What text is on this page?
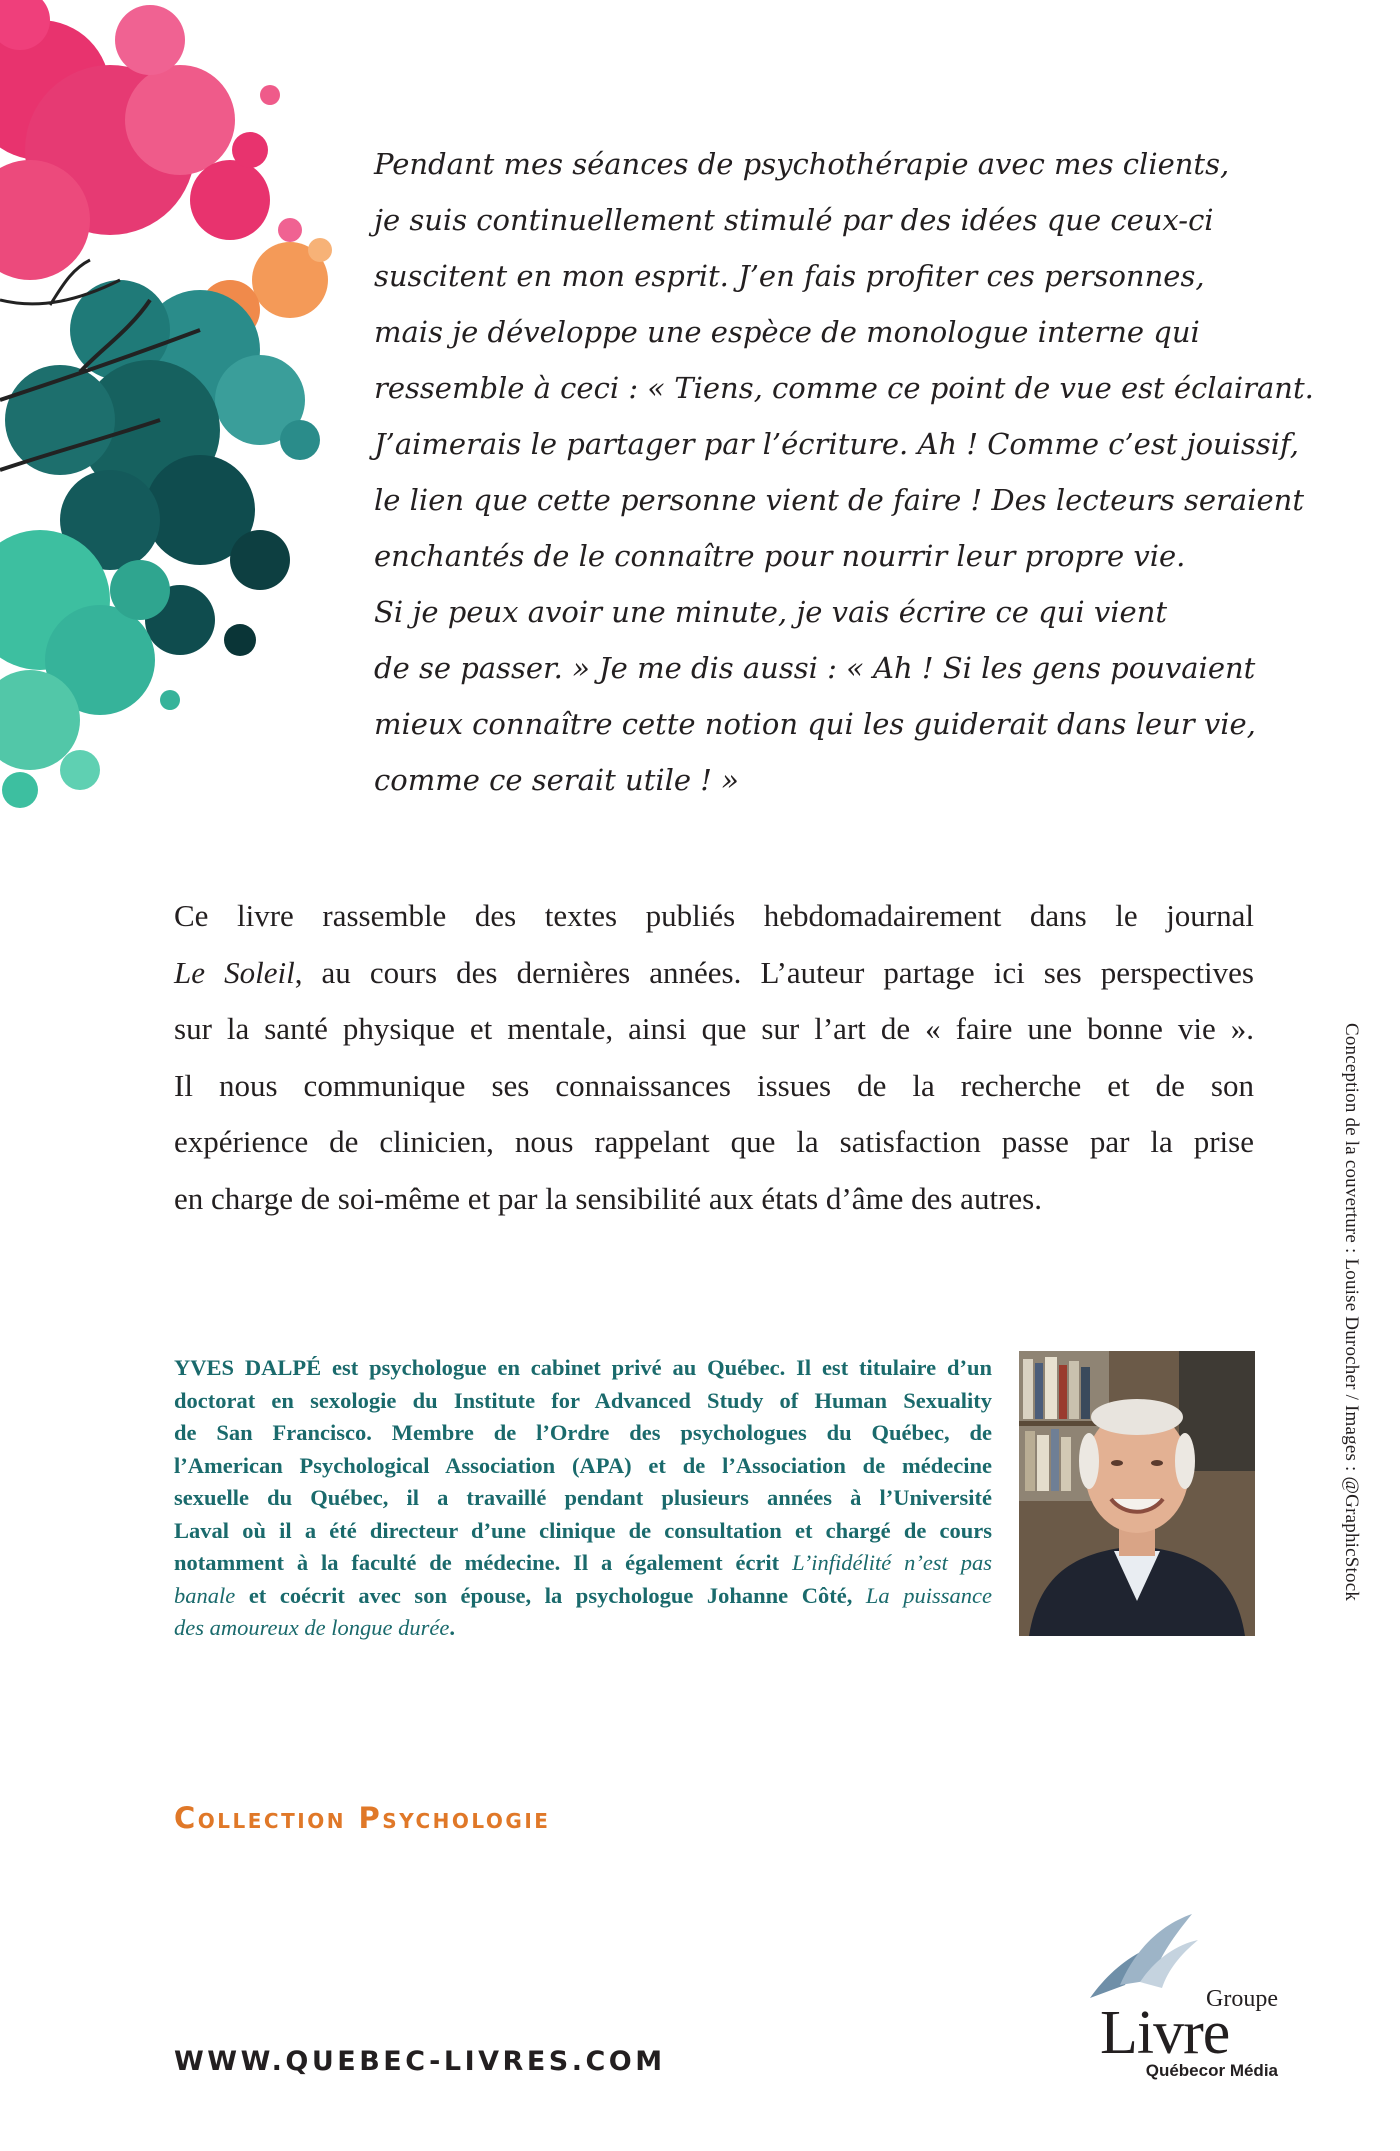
Pendant mes séances de psychothérapie avec mes clients,
je suis continuellement stimulé par des idées que ceux-ci
suscitent en mon esprit. J’en fais profiter ces personnes,
mais je développe une espèce de monologue interne qui
ressemble à ceci : « Tiens, comme ce point de vue est éclairant.
J’aimerais le partager par l’écriture. Ah ! Comme c’est jouissif,
le lien que cette personne vient de faire ! Des lecteurs seraient
enchantés de le connaître pour nourrir leur propre vie.
Si je peux avoir une minute, je vais écrire ce qui vient
de se passer. » Je me dis aussi : « Ah ! Si les gens pouvaient
mieux connaître cette notion qui les guiderait dans leur vie,
comme ce serait utile ! »
Ce livre rassemble des textes publiés hebdomadairement dans le journal
Le Soleil, au cours des dernières années. L’auteur partage ici ses perspectives
sur la santé physique et mentale, ainsi que sur l’art de « faire une bonne vie ».
Il nous communique ses connaissances issues de la recherche et de son
expérience de clinicien, nous rappelant que la satisfaction passe par la prise
en charge de soi-même et par la sensibilité aux états d’âme des autres.
YVES DALPÉ est psychologue en cabinet privé au Québec. Il est titulaire d’un
doctorat en sexologie du Institute for Advanced Study of Human Sexuality
de San Francisco. Membre de l’Ordre des psychologues du Québec, de
l’American Psychological Association (APA) et de l’Association de médecine
sexuelle du Québec, il a travaillé pendant plusieurs années à l’Université
Laval où il a été directeur d’une clinique de consultation et chargé de cours
notamment à la faculté de médecine. Il a également écrit L’infidélité n’est pas
banale et coécrit avec son épouse, la psychologue Johanne Côté, La puissance
des amoureux de longue durée.
Conception de la couverture : Louise Durocher / Images : @GraphicStock
Collection Psychologie
WWW.QUEBEC-LIVRES.COM
Groupe
Livre
Québecor Média
